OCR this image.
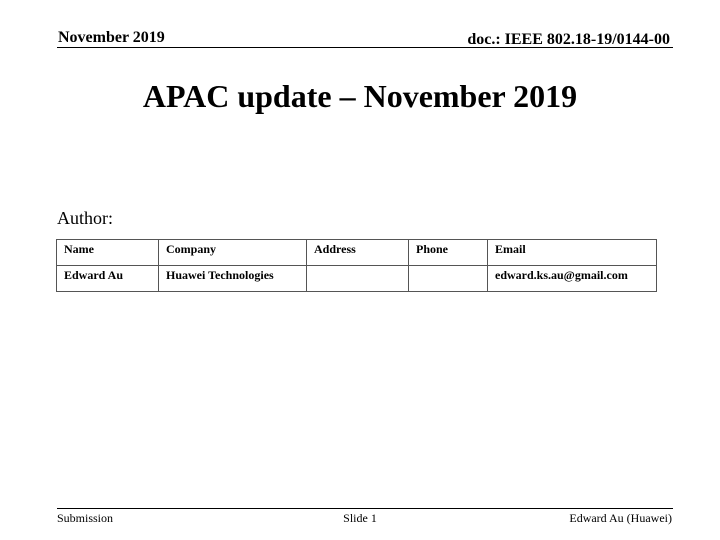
November 2019	doc.: IEEE 802.18-19/0144-00
APAC update – November 2019
Author:
Name	Company	Address	Phone	Email
Edward Au	Huawei Technologies			edward.ks.au@gmail.com
Submission	Slide 1	Edward Au (Huawei)
